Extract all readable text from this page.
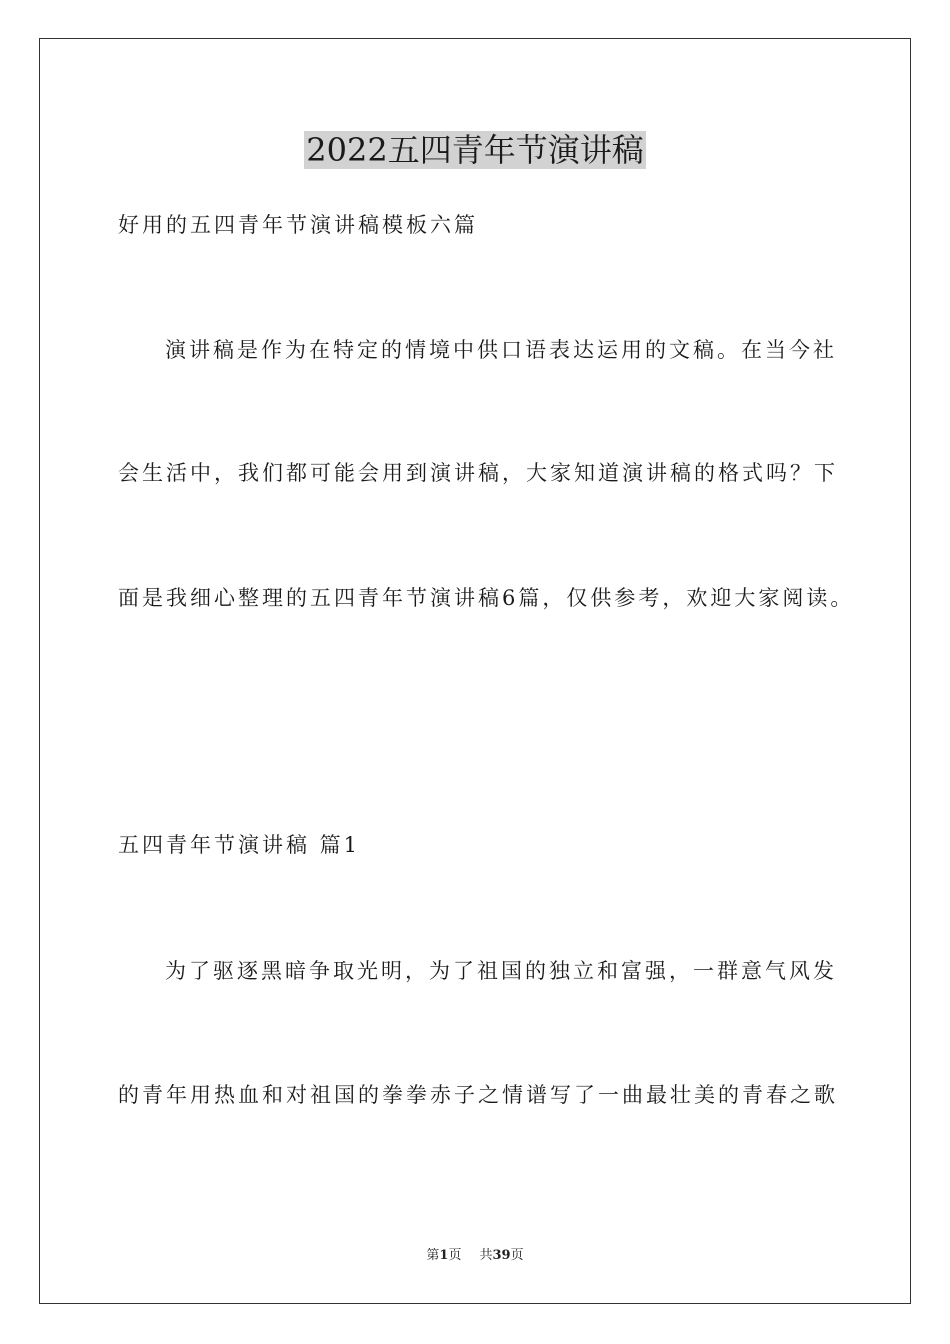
2022五四青年节演讲稿
好用的五四青年节演讲稿模板六篇
演讲稿是作为在特定的情境中供口语表达运用的文稿。在当今社
会生活中，我们都可能会用到演讲稿，大家知道演讲稿的格式吗？下
面是我细心整理的五四青年节演讲稿6篇，仅供参考，欢迎大家阅读。
五四青年节演讲稿 篇1
为了驱逐黑暗争取光明，为了祖国的独立和富强，一群意气风发
的青年用热血和对祖国的拳拳赤子之情谱写了一曲最壮美的青春之歌
第1页 共39页
